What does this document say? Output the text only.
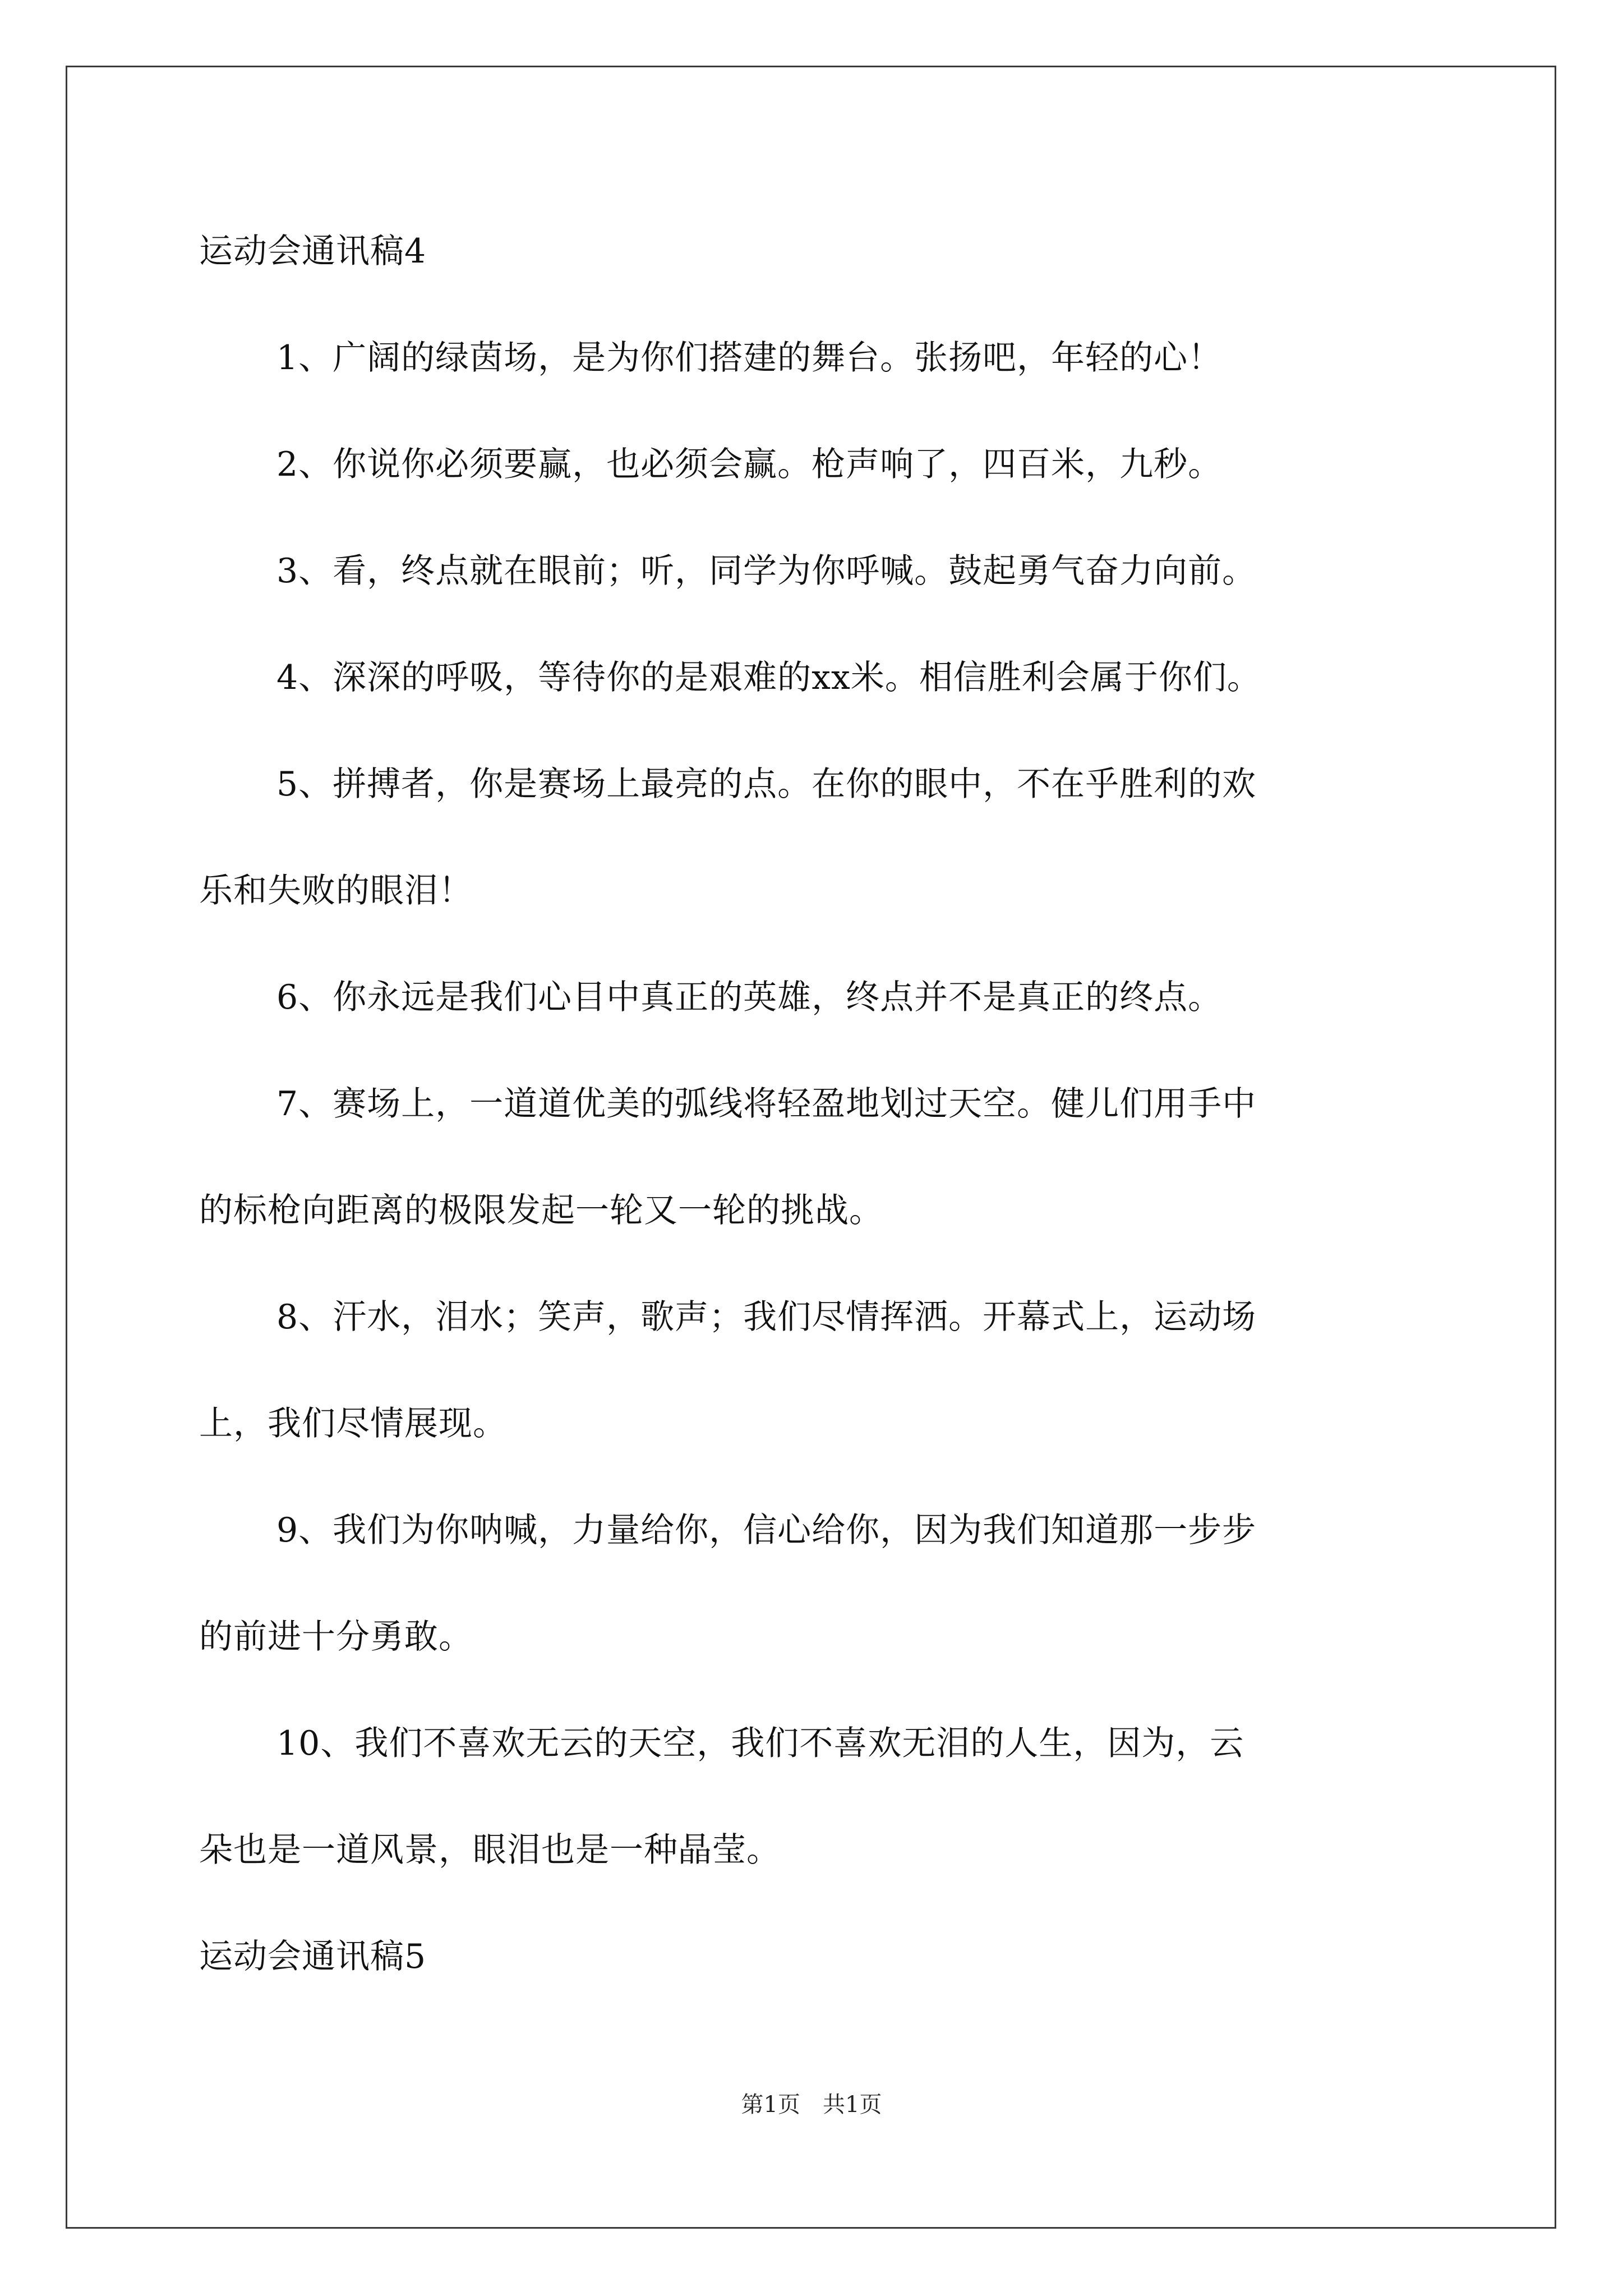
运动会通讯稿4
1、广阔的绿茵场，是为你们搭建的舞台。张扬吧，年轻的心！
2、你说你必须要赢，也必须会赢。枪声响了，四百米，九秒。
3、看，终点就在眼前；听，同学为你呼喊。鼓起勇气奋力向前。
4、深深的呼吸，等待你的是艰难的xx米。相信胜利会属于你们。
5、拼搏者，你是赛场上最亮的点。在你的眼中，不在乎胜利的欢
乐和失败的眼泪！
6、你永远是我们心目中真正的英雄，终点并不是真正的终点。
7、赛场上，一道道优美的弧线将轻盈地划过天空。健儿们用手中
的标枪向距离的极限发起一轮又一轮的挑战。
8、汗水，泪水；笑声，歌声；我们尽情挥洒。开幕式上，运动场
上，我们尽情展现。
9、我们为你呐喊，力量给你，信心给你，因为我们知道那一步步
的前进十分勇敢。
10、我们不喜欢无云的天空，我们不喜欢无泪的人生，因为，云
朵也是一道风景，眼泪也是一种晶莹。
运动会通讯稿5
第1页 共1页
